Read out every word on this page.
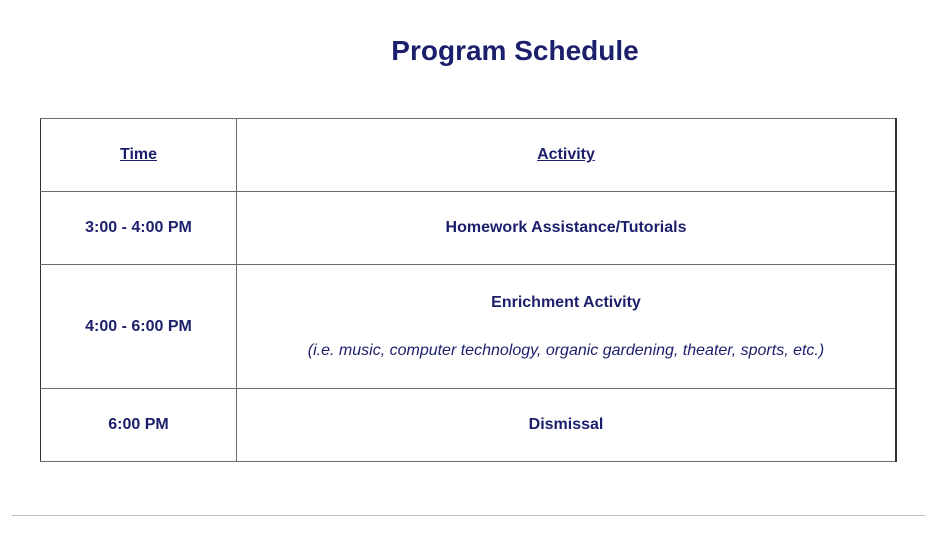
Program Schedule
Time	Activity
3:00 - 4:00 PM	Homework Assistance/Tutorials

4:00 - 6:00 PM	Enrichment Activity
(i.e. music, computer technology, organic gardening, theater, sports, etc.)

6:00 PM	Dismissal
